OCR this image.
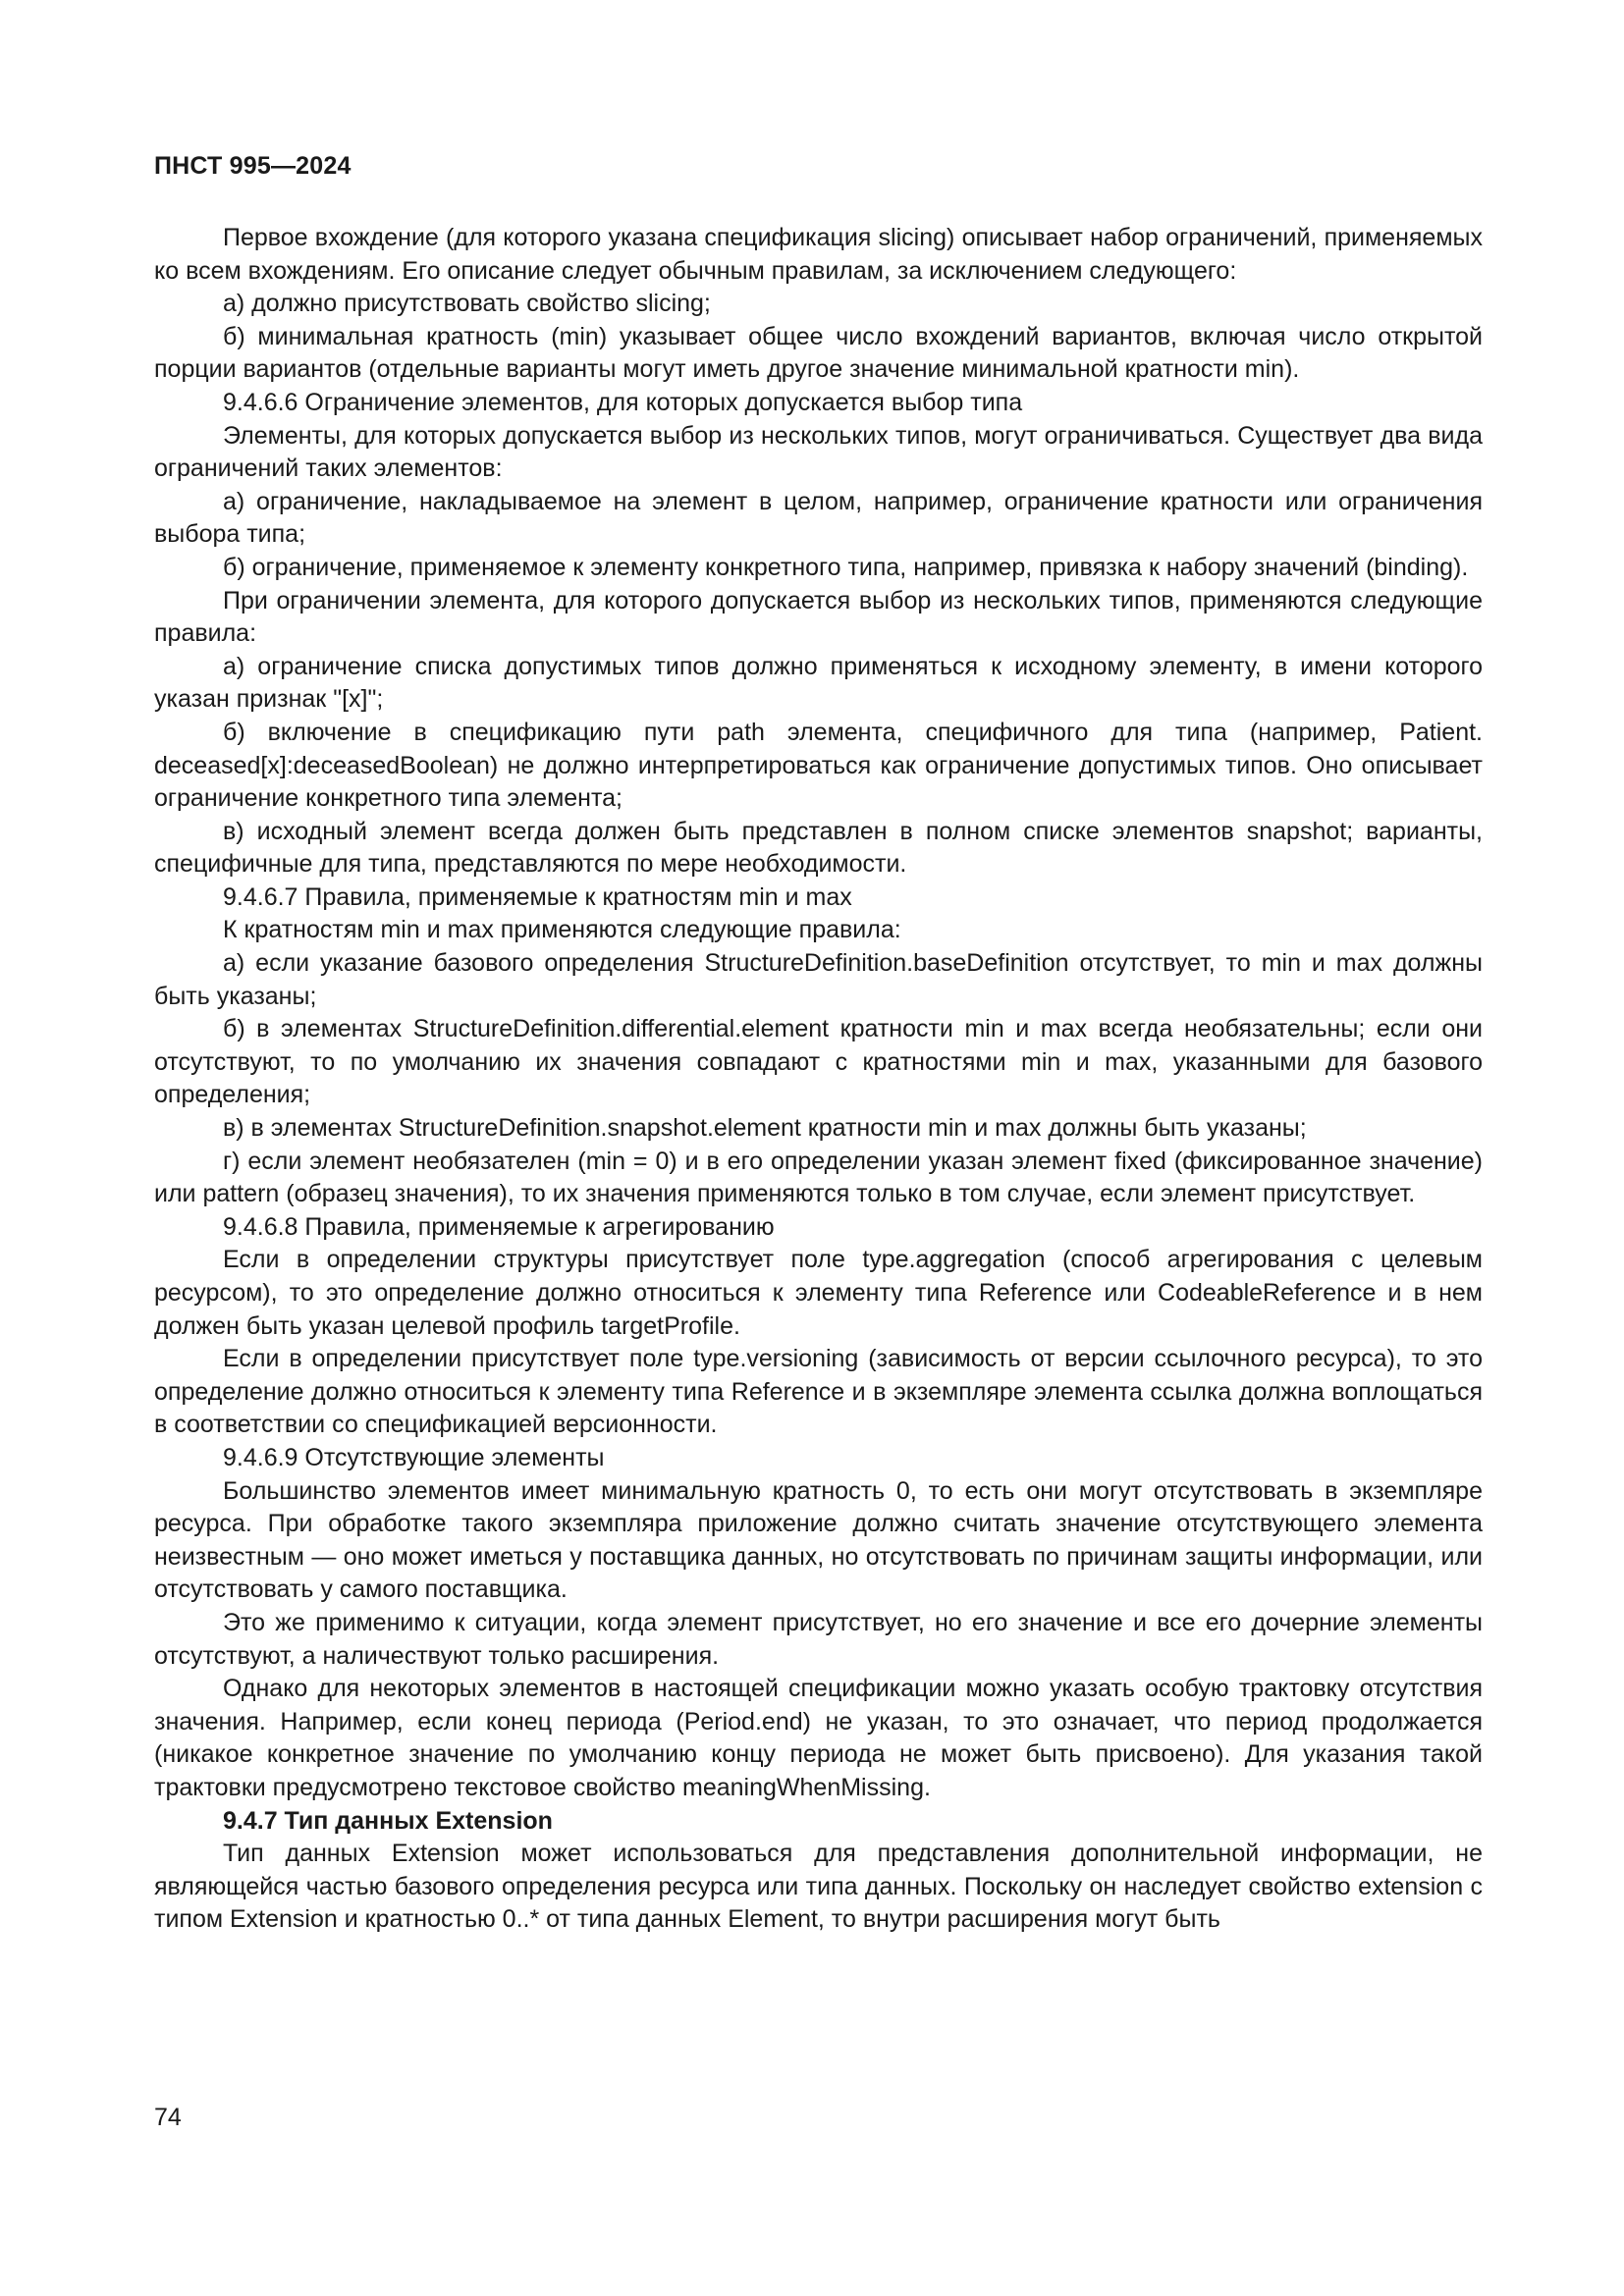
ПНСТ 995—2024

Первое вхождение (для которого указана спецификация slicing) описывает набор ограничений, применяемых ко всем вхождениям. Его описание следует обычным правилам, за исключением следующего:

а) должно присутствовать свойство slicing;

б) минимальная кратность (min) указывает общее число вхождений вариантов, включая число открытой порции вариантов (отдельные варианты могут иметь другое значение минимальной кратности min).

9.4.6.6 Ограничение элементов, для которых допускается выбор типа

Элементы, для которых допускается выбор из нескольких типов, могут ограничиваться. Существует два вида ограничений таких элементов:

а) ограничение, накладываемое на элемент в целом, например, ограничение кратности или ограничения выбора типа;

б) ограничение, применяемое к элементу конкретного типа, например, привязка к набору значений (binding).

При ограничении элемента, для которого допускается выбор из нескольких типов, применяются следующие правила:

а) ограничение списка допустимых типов должно применяться к исходному элементу, в имени которого указан признак "[x]";

б) включение в спецификацию пути path элемента, специфичного для типа (например, Patient. deceased[x]:deceasedBoolean) не должно интерпретироваться как ограничение допустимых типов. Оно описывает ограничение конкретного типа элемента;

в) исходный элемент всегда должен быть представлен в полном списке элементов snapshot; варианты, специфичные для типа, представляются по мере необходимости.

9.4.6.7 Правила, применяемые к кратностям min и max

К кратностям min и max применяются следующие правила:

а) если указание базового определения StructureDefinition.baseDefinition отсутствует, то min и max должны быть указаны;

б) в элементах StructureDefinition.differential.element кратности min и max всегда необязательны; если они отсутствуют, то по умолчанию их значения совпадают с кратностями min и max, указанными для базового определения;

в) в элементах StructureDefinition.snapshot.element кратности min и max должны быть указаны;

г) если элемент необязателен (min = 0) и в его определении указан элемент fixed (фиксированное значение) или pattern (образец значения), то их значения применяются только в том случае, если элемент присутствует.

9.4.6.8 Правила, применяемые к агрегированию

Если в определении структуры присутствует поле type.aggregation (способ агрегирования с целевым ресурсом), то это определение должно относиться к элементу типа Reference или CodeableReference и в нем должен быть указан целевой профиль targetProfile.

Если в определении присутствует поле type.versioning (зависимость от версии ссылочного ресурса), то это определение должно относиться к элементу типа Reference и в экземпляре элемента ссылка должна воплощаться в соответствии со спецификацией версионности.

9.4.6.9 Отсутствующие элементы

Большинство элементов имеет минимальную кратность 0, то есть они могут отсутствовать в экземпляре ресурса. При обработке такого экземпляра приложение должно считать значение отсутствующего элемента неизвестным — оно может иметься у поставщика данных, но отсутствовать по причинам защиты информации, или отсутствовать у самого поставщика.

Это же применимо к ситуации, когда элемент присутствует, но его значение и все его дочерние элементы отсутствуют, а наличествуют только расширения.

Однако для некоторых элементов в настоящей спецификации можно указать особую трактовку отсутствия значения. Например, если конец периода (Period.end) не указан, то это означает, что период продолжается (никакое конкретное значение по умолчанию концу периода не может быть присвоено). Для указания такой трактовки предусмотрено текстовое свойство meaningWhenMissing.

9.4.7 Тип данных Extension

Тип данных Extension может использоваться для представления дополнительной информации, не являющейся частью базового определения ресурса или типа данных. Поскольку он наследует свойство extension с типом Extension и кратностью 0..* от типа данных Element, то внутри расширения могут быть

74
